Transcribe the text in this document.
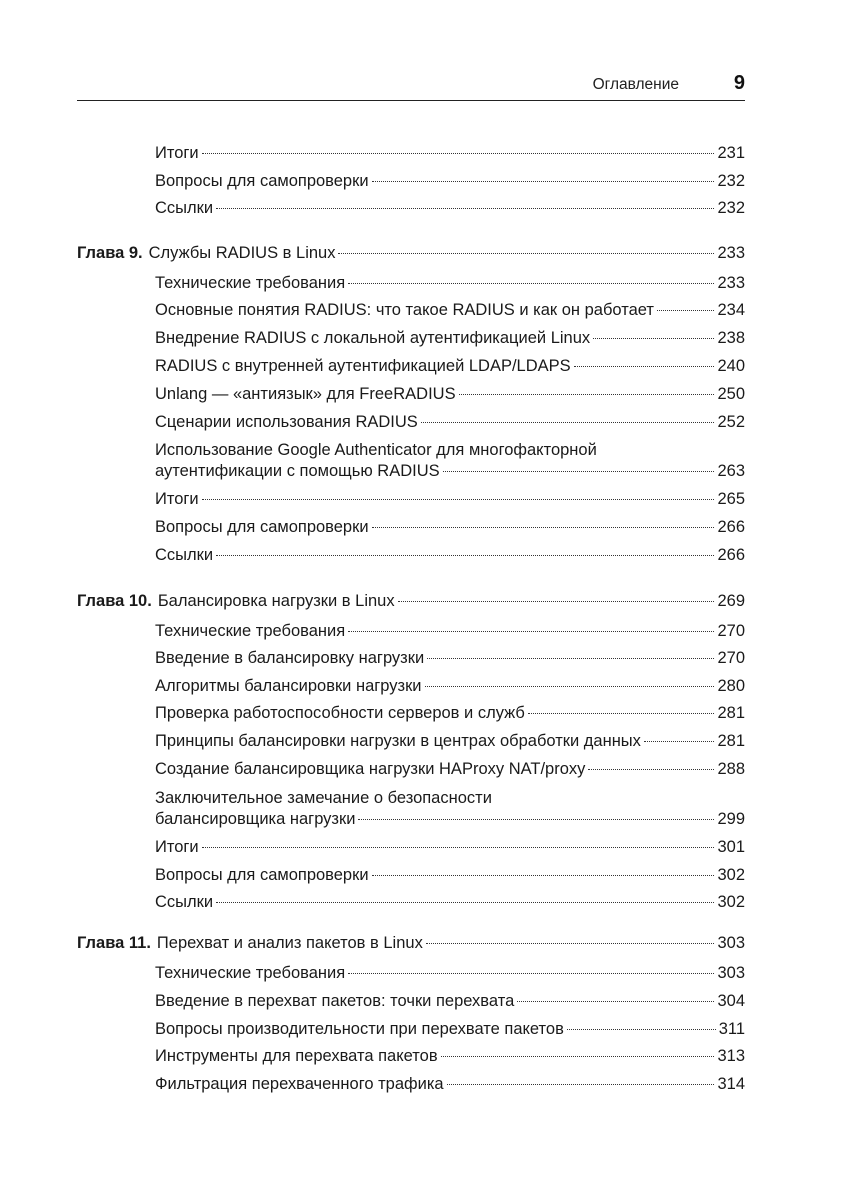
Оглавление	9
Итоги	231
Вопросы для самопроверки	232
Ссылки	232
Глава 9. Службы RADIUS в Linux	233
Технические требования	233
Основные понятия RADIUS: что такое RADIUS и как он работает	234
Внедрение RADIUS с локальной аутентификацией Linux	238
RADIUS с внутренней аутентификацией LDAP/LDAPS	240
Unlang — «антиязык» для FreeRADIUS	250
Сценарии использования RADIUS	252
Использование Google Authenticator для многофакторной
аутентификации с помощью RADIUS	263
Итоги	265
Вопросы для самопроверки	266
Ссылки	266
Глава 10. Балансировка нагрузки в Linux	269
Технические требования	270
Введение в балансировку нагрузки	270
Алгоритмы балансировки нагрузки	280
Проверка работоспособности серверов и служб	281
Принципы балансировки нагрузки в центрах обработки данных	281
Создание балансировщика нагрузки HAProxy NAT/proxy	288
Заключительное замечание о безопасности
балансировщика нагрузки	299
Итоги	301
Вопросы для самопроверки	302
Ссылки	302
Глава 11. Перехват и анализ пакетов в Linux	303
Технические требования	303
Введение в перехват пакетов: точки перехвата	304
Вопросы производительности при перехвате пакетов	311
Инструменты для перехвата пакетов	313
Фильтрация перехваченного трафика	314
